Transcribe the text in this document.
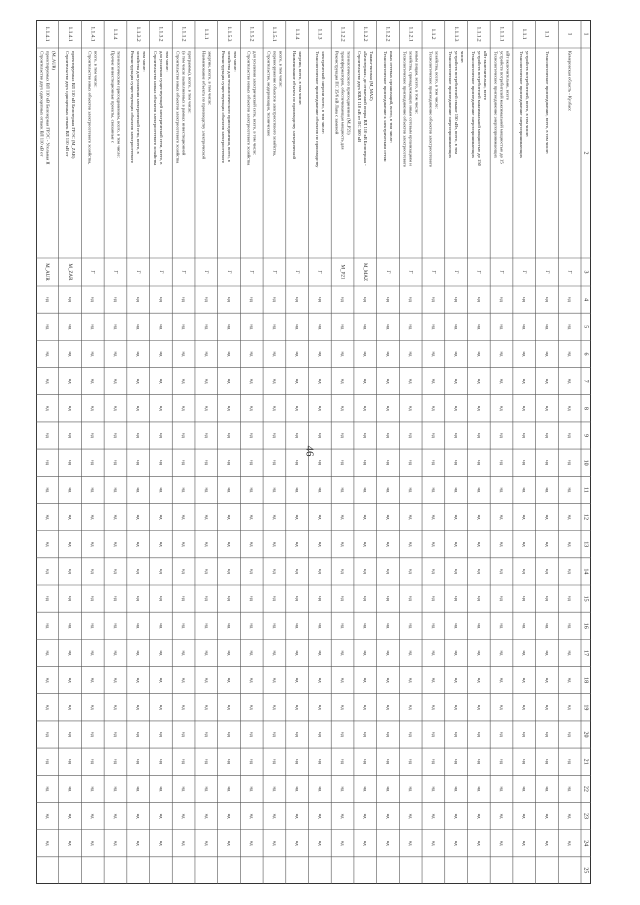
46
1
2
3
4
5
6
7
8
9
10
11
12
13
14
15
16
17
18
19
20
21
22
23
24
25
1
Кемеровская область - Кузбасс
Г
нд
нд
нд
нд
нд
нд
нд
нд
нд
нд
нд
нд
нд
нд
нд
нд
нд
нд
нд
нд
нд
1.1
Технологическое присоединение, всего, в том числе:
Г
нд
нд
нд
нд
нд
нд
нд
нд
нд
нд
нд
нд
нд
нд
нд
нд
нд
нд
нд
нд
нд
1.1.1
Технологическое присоединение энергопринимающих устройств потребителей, всего, в том числе:
Г
нд
нд
нд
нд
нд
нд
нд
нд
нд
нд
нд
нд
нд
нд
нд
нд
нд
нд
нд
нд
нд
1.1.1.1
Технологическое присоединение энергопринимающих устройств потребителей максимальной мощностью до 15 кВт включительно, всего
Г
нд
нд
нд
нд
нд
нд
нд
нд
нд
нд
нд
нд
нд
нд
нд
нд
нд
нд
нд
нд
нд
1.1.1.2
Технологическое присоединение энергопринимающих устройств потребителей максимальной мощностью до 150 кВт включительно, всего
Г
нд
нд
нд
нд
нд
нд
нд
нд
нд
нд
нд
нд
нд
нд
нд
нд
нд
нд
нд
нд
нд
1.1.1.3
Технологическое присоединение энергопринимающих устройств потребителей свыше 150 кВт, всего, в том числе:
Г
нд
нд
нд
нд
нд
нд
нд
нд
нд
нд
нд
нд
нд
нд
нд
нд
нд
нд
нд
нд
нд
1.1.2
Технологическое присоединение объектов электросетевого хозяйства, всего, в том числе:
Г
нд
нд
нд
нд
нд
нд
нд
нд
нд
нд
нд
нд
нд
нд
нд
нд
нд
нд
нд
нд
нд
1.1.2.1
Технологическое присоединение объектов электросетевого хозяйства, принадлежащих иным сетевым организациям и иным лицам, всего, в том числе:
Г
нд
нд
нд
нд
нд
нд
нд
нд
нд
нд
нд
нд
нд
нд
нд
нд
нд
нд
нд
нд
нд
1.1.2.2
Технологическое присоединение к электрическим сетям иных сетевых организаций, всего, в том числе:
Г
нд
нд
нд
нд
нд
нд
нд
нд
нд
нд
нд
нд
нд
нд
нд
нд
нд
нд
нд
нд
нд
1.1.2.2
Строительство двух КВЛ 110 кВ от ПС 500 кВ «Белозерная» до отпаечной опоры ВЛ 110 кВ Белозерная - Тяжин-тяговая (М_МАZ)
М_МАZ
нд
нд
нд
нд
нд
нд
нд
нд
нд
нд
нд
нд
нд
нд
нд
нд
нд
нд
нд
нд
нд
1.1.2.2
Реконструкция ПС 35/6 кВ Лава с заменой трансформаторов, обеспечивающая мощность для технологического присоединения (М_Р21)
М_Р21
нд
нд
нд
нд
нд
нд
нд
нд
нд
нд
нд
нд
нд
нд
нд
нд
нд
нд
нд
нд
нд
1.1.3
Технологическое присоединение объектов по производству электрической энергии всего, в том числе:
Г
нд
нд
нд
нд
нд
нд
нд
нд
нд
нд
нд
нд
нд
нд
нд
нд
нд
нд
нд
нд
нд
1.1.4
Наименование объекта по производству электрической энергии, всего, в том числе:
Г
нд
нд
нд
нд
нд
нд
нд
нд
нд
нд
нд
нд
нд
нд
нд
нд
нд
нд
нд
нд
нд
1.1.5.1
Строительство, модернизация, техническое перевооружение объектов электросетевого хозяйства, всего, в том числе:
Г
нд
нд
нд
нд
нд
нд
нд
нд
нд
нд
нд
нд
нд
нд
нд
нд
нд
нд
нд
нд
нд
1.1.5.2
Строительство новых объектов электросетевого хозяйства для усиления электрической сети, всего, в том числе:
Г
нд
нд
нд
нд
нд
нд
нд
нд
нд
нд
нд
нд
нд
нд
нд
нд
нд
нд
нд
нд
нд
1.1.5.3
Реконструкция существующих объектов электросетевого хозяйства для технологического присоединения, всего, в том числе:
Г
нд
нд
нд
нд
нд
нд
нд
нд
нд
нд
нд
нд
нд
нд
нд
нд
нд
нд
нд
нд
нд
1.1.1
Наименование объекта по производству электрической энергии, всего, в том числе:
Г
нд
нд
нд
нд
нд
нд
нд
нд
нд
нд
нд
нд
нд
нд
нд
нд
нд
нд
нд
нд
нд
1.1.1.2
Строительство иных объектов электросетевого хозяйства (в том числе выполненных в рамках инвестиционной программы), всего, в том числе:
Г
нд
нд
нд
нд
нд
нд
нд
нд
нд
нд
нд
нд
нд
нд
нд
нд
нд
нд
нд
нд
нд
1.1.3.2
Строительство новых объектов электросетевого хозяйства для усиления существующей электрической сети, всего, в том числе:
Г
нд
нд
нд
нд
нд
нд
нд
нд
нд
нд
нд
нд
нд
нд
нд
нд
нд
нд
нд
нд
нд
1.1.3.2
Реконструкция существующих объектов электросетевого хозяйства для усиления электрической сети, всего, в том числе:
Г
нд
нд
нд
нд
нд
нд
нд
нд
нд
нд
нд
нд
нд
нд
нд
нд
нд
нд
нд
нд
нд
1.1.4
Прочие инвестиционные проекты, связанные с технологическим присоединением, всего, в том числе:
Г
нд
нд
нд
нд
нд
нд
нд
нд
нд
нд
нд
нд
нд
нд
нд
нд
нд
нд
нд
нд
нд
1.1.4.1
Строительство иных объектов электросетевого хозяйства, всего, в том числе:
Г
нд
нд
нд
нд
нд
нд
нд
нд
нд
нд
нд
нд
нд
нд
нд
нд
нд
нд
нд
нд
нд
1.1.4.1
Строительство двух одноцепных отпаек ВЛ 110 кВ от проектируемых ВЛ 110 кВ Белозерная ГРЭС (М_ZAR)
М_ZAR
нд
нд
нд
нд
нд
нд
нд
нд
нд
нд
нд
нд
нд
нд
нд
нд
нд
нд
нд
нд
нд
1.1.4.1
Строительство двух одноцепных отпаек ВЛ 110 кВ от проектируемых ВЛ 110 кВ Белозерная ГРЭС - Угольная II (М_АUR)
М_АUR
нд
нд
нд
нд
нд
нд
нд
нд
нд
нд
нд
нд
нд
нд
нд
нд
нд
нд
нд
нд
нд
